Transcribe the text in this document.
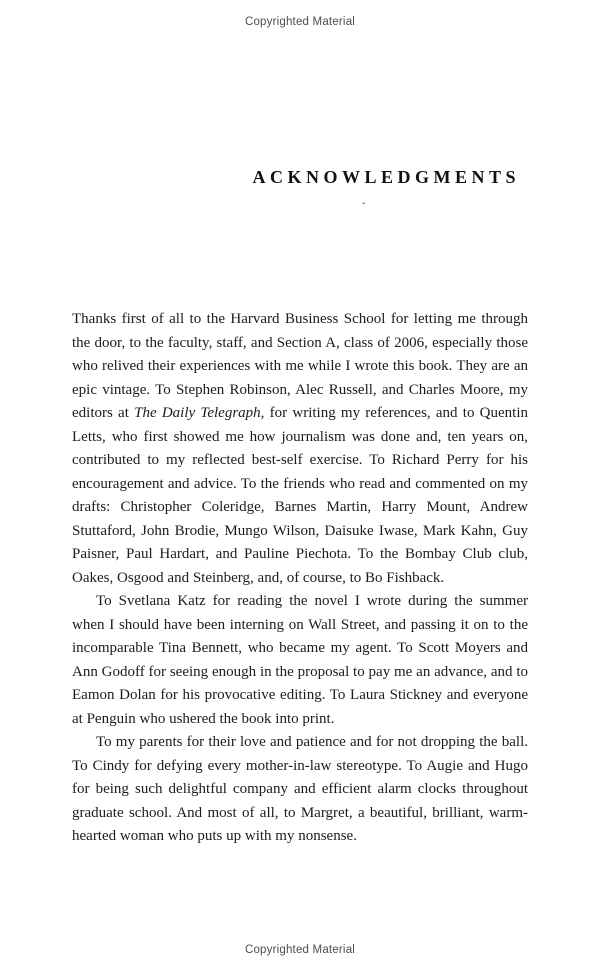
Copyrighted Material
ACKNOWLEDGMENTS
ˇ

Thanks first of all to the Harvard Business School for letting me through the door, to the faculty, staff, and Section A, class of 2006, especially those who relived their experiences with me while I wrote this book. They are an epic vintage. To Stephen Robinson, Alec Russell, and Charles Moore, my editors at The Daily Telegraph, for writing my references, and to Quentin Letts, who first showed me how journalism was done and, ten years on, contributed to my reflected best-self exercise. To Richard Perry for his encouragement and advice. To the friends who read and commented on my drafts: Christopher Coleridge, Barnes Martin, Harry Mount, Andrew Stuttaford, John Brodie, Mungo Wilson, Daisuke Iwase, Mark Kahn, Guy Paisner, Paul Hardart, and Pauline Piechota. To the Bombay Club club, Oakes, Osgood and Steinberg, and, of course, to Bo Fishback.

To Svetlana Katz for reading the novel I wrote during the summer when I should have been interning on Wall Street, and passing it on to the incomparable Tina Bennett, who became my agent. To Scott Moyers and Ann Godoff for seeing enough in the proposal to pay me an advance, and to Eamon Dolan for his provocative editing. To Laura Stickney and everyone at Penguin who ushered the book into print.

To my parents for their love and patience and for not dropping the ball. To Cindy for defying every mother-in-law stereotype. To Augie and Hugo for being such delightful company and efficient alarm clocks throughout graduate school. And most of all, to Margret, a beautiful, brilliant, warm-hearted woman who puts up with my nonsense.

Copyrighted Material
